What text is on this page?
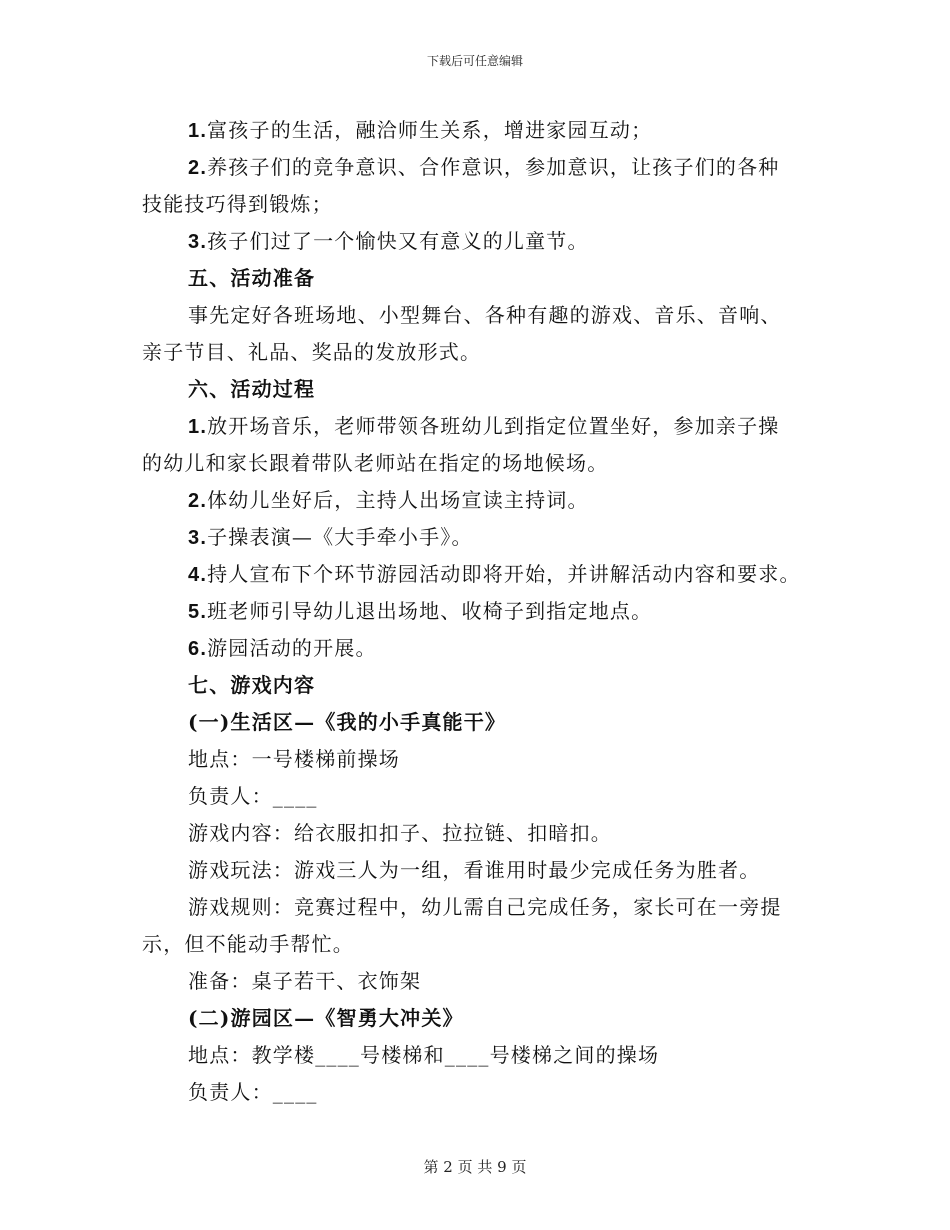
下载后可任意编辑
1.富孩子的生活，融洽师生关系，增进家园互动；
2.养孩子们的竞争意识、合作意识，参加意识，让孩子们的各种
技能技巧得到锻炼；
3.孩子们过了一个愉快又有意义的儿童节。
五、活动准备
事先定好各班场地、小型舞台、各种有趣的游戏、音乐、音响、
亲子节目、礼品、奖品的发放形式。
六、活动过程
1.放开场音乐，老师带领各班幼儿到指定位置坐好，参加亲子操
的幼儿和家长跟着带队老师站在指定的场地候场。
2.体幼儿坐好后，主持人出场宣读主持词。
3.子操表演—《大手牵小手》。
4.持人宣布下个环节游园活动即将开始，并讲解活动内容和要求。
5.班老师引导幼儿退出场地、收椅子到指定地点。
6.游园活动的开展。
七、游戏内容
(一)生活区—《我的小手真能干》
地点：一号楼梯前操场
负责人：____
游戏内容：给衣服扣扣子、拉拉链、扣暗扣。
游戏玩法：游戏三人为一组，看谁用时最少完成任务为胜者。
游戏规则：竞赛过程中，幼儿需自己完成任务，家长可在一旁提
示，但不能动手帮忙。
准备：桌子若干、衣饰架
(二)游园区—《智勇大冲关》
地点：教学楼____号楼梯和____号楼梯之间的操场
负责人：____
第 2 页 共 9 页
